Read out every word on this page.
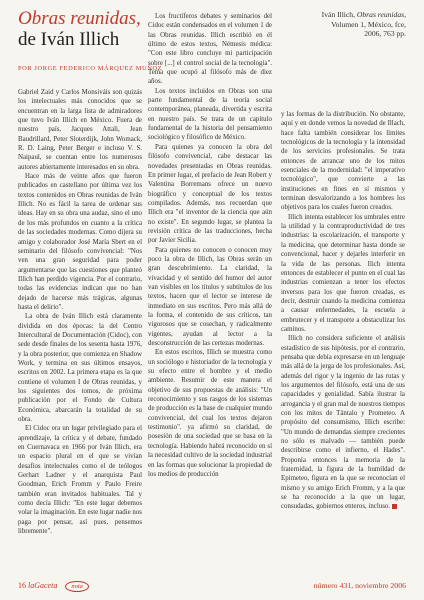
Obras reunidas,
de Iván Illich
POR JORGE FEDERICO MÁRQUEZ MUÑOZ
Iván Illich, Obras reunidas,
Volumen 1, México, fce,
2006, 763 pp.

Gabriel Zaid y Carlos Monsiváis son quizás los intelectuales más conocidos que se encuentran en la larga lista de admiradores que tuvo Iván Illich en México. Fuera de nuestro país, Jacques Attali, Jean Baudrillard, Peter Sloterdijk, John Womack, R. D. Laing, Peter Berger e incluso V. S. Naipaul, se cuentan entre los numerosos autores abiertamente interesados en su obra.

Hace más de veinte años que fueron publicados en castellano por última vez los textos contenidos en Obras reunidas de Iván Illich. No es fácil la tarea de ordenar sus ideas. Hay en su obra una audaz, sino el uno de los más profundos en cuanto a la crítica de las sociedades modernas. Como dijera su amigo y colaborador José María Sbert en el seminario del filósofo convivencial: "Nos ven una gran seguridad para poder argumentarse que las cuestiones que planteó Illich han perdido vigencia. Por el contrario, todas las evidencias indican que no han dejado de hacerse más trágicas, algunas hasta el delirio".

La obra de Iván Illich está claramente dividida en dos épocas: la del Centro Intercultural de Documentación (Cidoc), con sede desde finales de los sesenta hasta 1976, y la obra posterior, que comienza en Shadow Work, y termina en sus últimos ensayos, escritos en 2002. La primera etapa es la que contiene el volumen I de Obras reunidas, y los siguientes dos tomos, de próxima publicación por el Fondo de Cultura Económica, abarcarán la totalidad de su obra.

El Cidoc era un lugar privilegiado para el aprendizaje, la crítica y el debate, fundado en Cuernavaca en 1966 por Iván Illich, era un espacio plural en el que se vivían desafíos intelectuales como el de teólogos Gerhart Ladner y el anarquista Paul Goodman, Erich Fromm y Paulo Freire también eran invitados habituales. Tal y como decía Illich: "En este lugar debemos volar la imaginación. En este lugar nadie nos paga por pensar, así pues, pensemos libremente".

Los fructíferos debates y seminarios del Cidoc están condensados en el volumen 1 de las Obras reunidas. Illich escribió en él último de estos textos, Némesis médica: "Con este libro concluye mi participación sobre [...] el control social de la tecnología". Tema que ocupó al filósofo más de diez años.

Los textos incluidos en Obras son una parte fundamental de la teoría social contemporánea, planeada, divertida y escrita en nuestro país. Se trata de un capítulo fundamental de la historia del pensamiento sociológico y filosófico de México.

Para quienes ya conocen la obra del filósofo convivencial, cabe destacar las novedades presentadas en Obras reunidas. En primer lugar, el prefacio de Jean Robert y Valentina Borremans ofrece un nuevo biográfico y conceptual de los textos compilados. Además, nos recuerdan que Illich era "el inventor de la ciencia que aún no existe". En segundo lugar, se plantea la revisión crítica de las traducciones, hecha por Javier Sicilia.

Para quienes no conocen o conocen muy poco la obra de Illich, las Obras serán un gran descubrimiento. La claridad, la vivacidad y el sentido del humor del autor van visibles en los títulos y subtítulos de los textos, hacen que el lector se interese de inmediato en sus escritos. Pero más allá de la forma, el contenido de sus críticos, tan vigorosos que se cosechan, y radicalmente vigentes, ayudan al lector a la desconstrucción de las certezas modernas.

En estos escritos, Illich se muestra como un sociólogo e historiador de la tecnología y su efecto entre el hombre y el medio ambiente. Resumir de este manera el objetivo de sus propuestas de análisis: "Un reconocimiento y sus rasgos de los sistemas de producción es la base de cualquier mundo convivencial, del cual los textos dejaron testimonio". ya afirmó su claridad, de posesión de una sociedad que se basa en la tecnología. Habiendo habrá reconocido en sí la necesidad cultivo de la sociedad industrial en las formas que solucionar la propiedad de los medios de producción

y las formas de la distribución. No obstante, aquí y en donde vemos la novedad de Illach, hace falta también considerar los límites tecnológicos de la tecnología y la intensidad de los servicios profesionales. Se trata entonces de arrancar uno de los mitos esenciales de la modernidad: "el imperativo tecnológico", que convierte a las instituciones en fines en sí mismos y terminan desvalorizando a los hombres los objetivos para los cuales fueron creados.

Illich intenta establecer los umbrales entre la utilidad y la contraproductividad de tres industrias: la escolarización, el transporte y la medicina, que determinar hasta donde se convencional, hacer y dejarles interferir en la vida de las personas. Ilich intenta entonces de establecer el punto en el cual las industrias comienzan a tener los efectos inversos para los que fueron creadas, es decir, destruir cuando la medicina comienza a causar enfermedades, la escuela a embrutecer y el transporte a obstaculizar los caminos.

Illich no considera suficiente el análisis estadístico de sus hipótesis, por el contrario, pensaba que debía expresarse en un lenguaje más allá de la jerga de los profesionales. Así, además del rigor y la ingenio de las rutas y los argumentos del filósofo, está una de sus capacidades y genialidad. Sabía ilustrar la arrogancia y el gran mal de nuestros tiempos con los mitos de Tántalo y Prometeo. A propósito del consumismo, Illich escribe: "Un mundo de demandas siempre crecientes no sólo es malvado — también puede describirse como el infierno, el Hades". Proponía entonces la memoria de la fraternidad, la figura de la humildad de Epimeteo, figura en la que se reconocían el mismo y su amigo Erich Fromm, y a la que se ha reconocido a la que un lugar, consudadas, gobiernos enteros, incluso.

16 laGaceta nota	número 431, noviembre 2006
